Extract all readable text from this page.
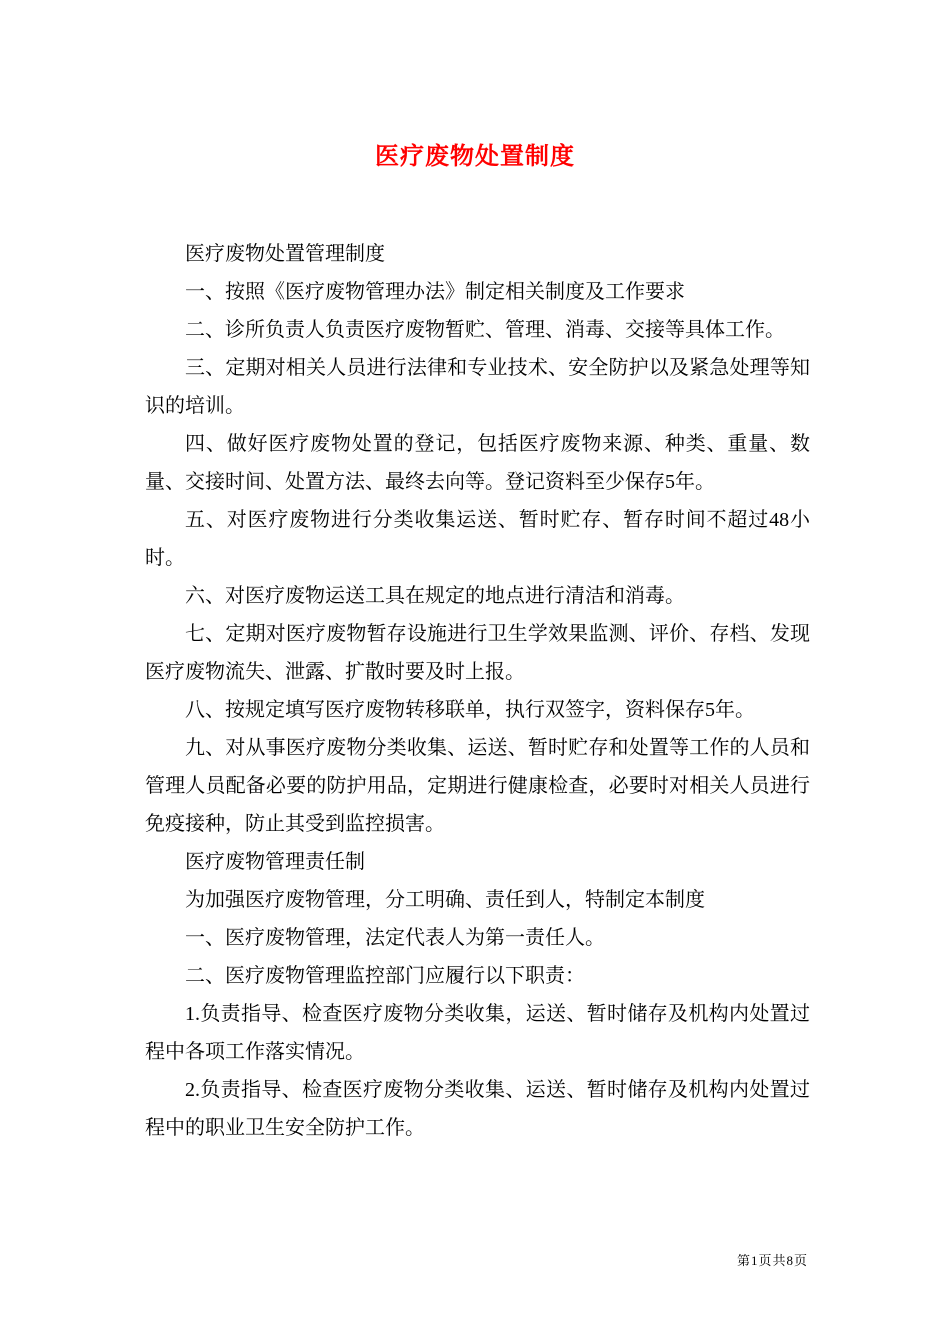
医疗废物处置制度

医疗废物处置管理制度

一、按照《医疗废物管理办法》制定相关制度及工作要求

二、诊所负责人负责医疗废物暂贮、管理、消毒、交接等具体工作。

三、定期对相关人员进行法律和专业技术、安全防护以及紧急处理等知识的培训。

四、做好医疗废物处置的登记，包括医疗废物来源、种类、重量、数量、交接时间、处置方法、最终去向等。登记资料至少保存5年。

五、对医疗废物进行分类收集运送、暂时贮存、暂存时间不超过48小时。

六、对医疗废物运送工具在规定的地点进行清洁和消毒。

七、定期对医疗废物暂存设施进行卫生学效果监测、评价、存档、发现医疗废物流失、泄露、扩散时要及时上报。

八、按规定填写医疗废物转移联单，执行双签字，资料保存5年。

九、对从事医疗废物分类收集、运送、暂时贮存和处置等工作的人员和管理人员配备必要的防护用品，定期进行健康检查，必要时对相关人员进行免疫接种，防止其受到监控损害。

医疗废物管理责任制

为加强医疗废物管理，分工明确、责任到人，特制定本制度

一、医疗废物管理，法定代表人为第一责任人。

二、医疗废物管理监控部门应履行以下职责：

1.负责指导、检查医疗废物分类收集，运送、暂时储存及机构内处置过程中各项工作落实情况。

2.负责指导、检查医疗废物分类收集、运送、暂时储存及机构内处置过程中的职业卫生安全防护工作。

第1页共8页
